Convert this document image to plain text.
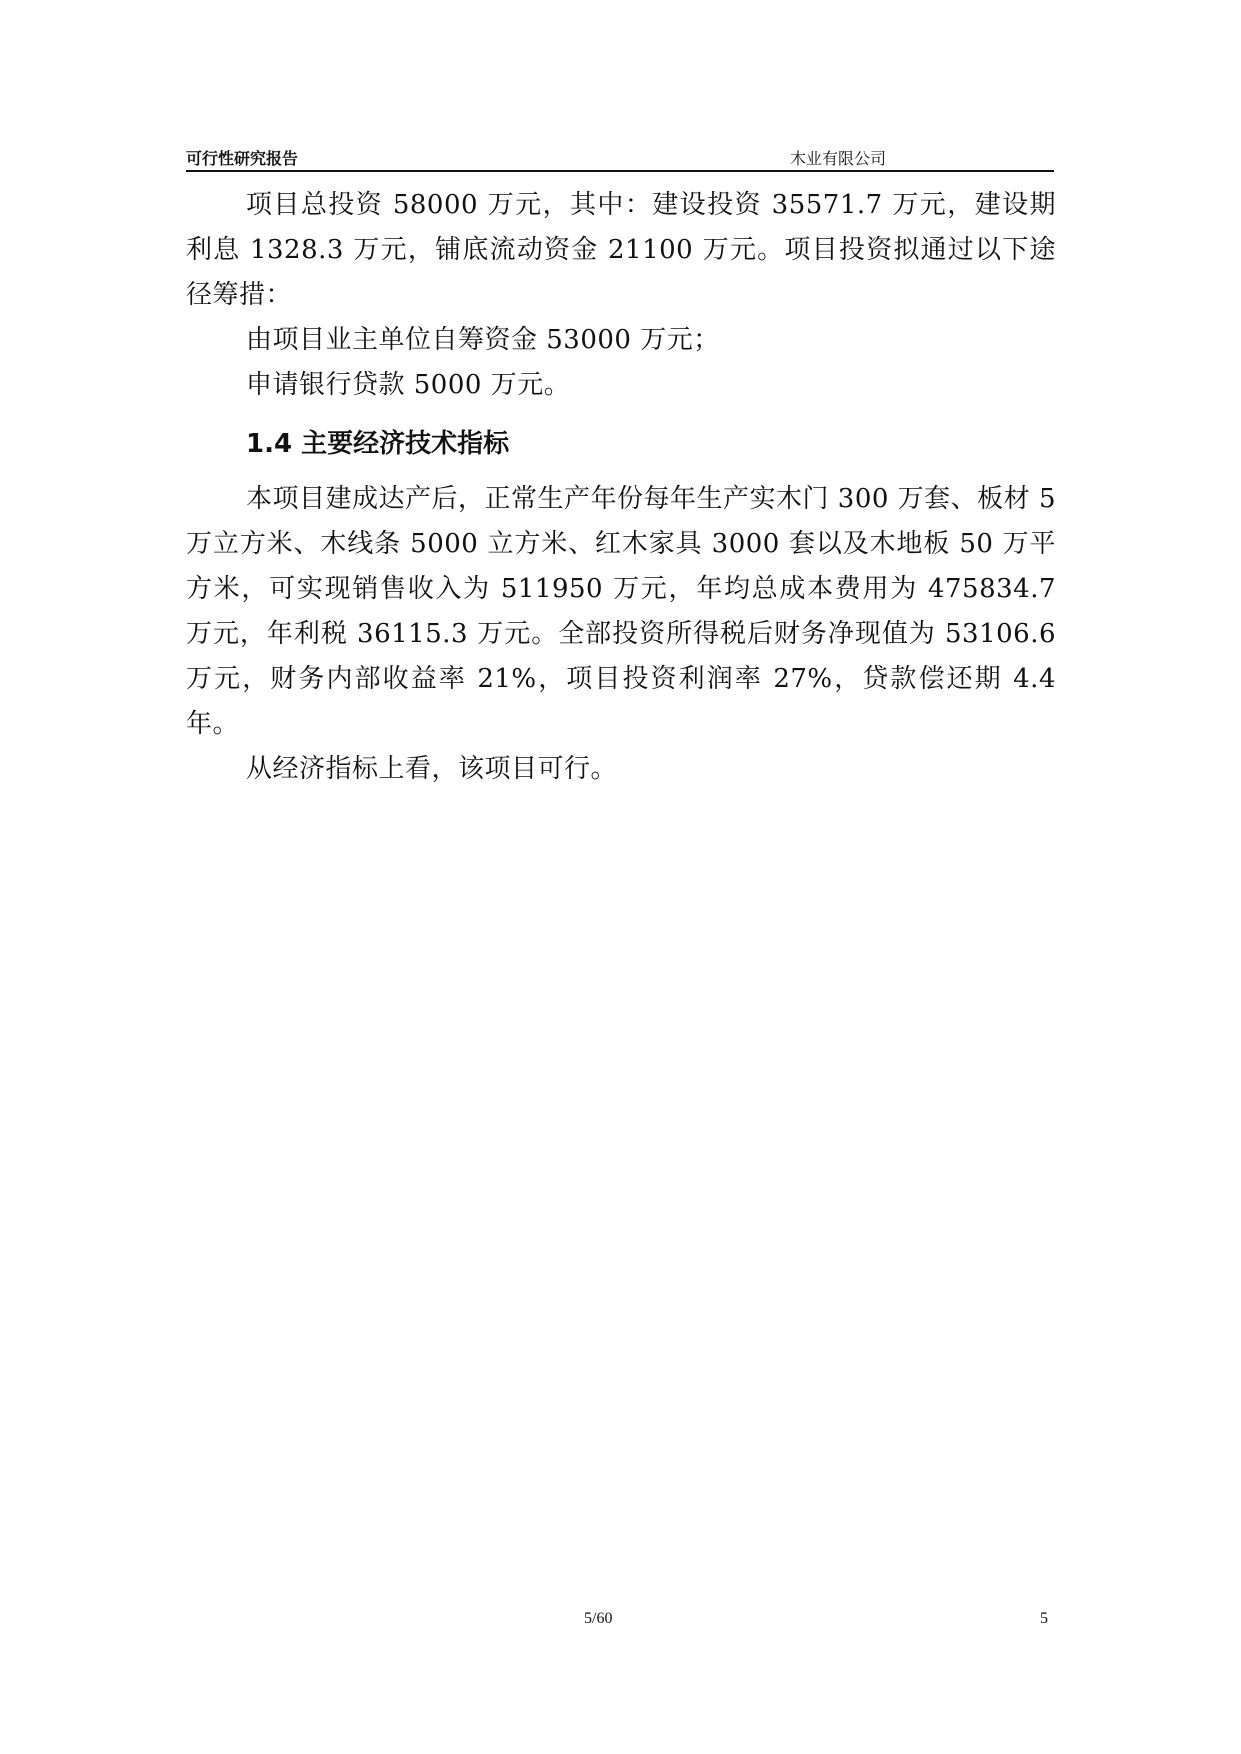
可行性研究报告	木业有限公司

项目总投资 58000 万元，其中：建设投资 35571.7 万元，建设期利息 1328.3 万元，铺底流动资金 21100 万元。项目投资拟通过以下途径筹措：

由项目业主单位自筹资金 53000 万元；

申请银行贷款 5000 万元。

1.4 主要经济技术指标

本项目建成达产后，正常生产年份每年生产实木门 300 万套、板材 5 万立方米、木线条 5000 立方米、红木家具 3000 套以及木地板 50 万平方米，可实现销售收入为 511950 万元，年均总成本费用为 475834.7 万元，年利税 36115.3 万元。全部投资所得税后财务净现值为 53106.6 万元，财务内部收益率 21%，项目投资利润率 27%，贷款偿还期 4.4 年。

从经济指标上看，该项目可行。

5/60	5
